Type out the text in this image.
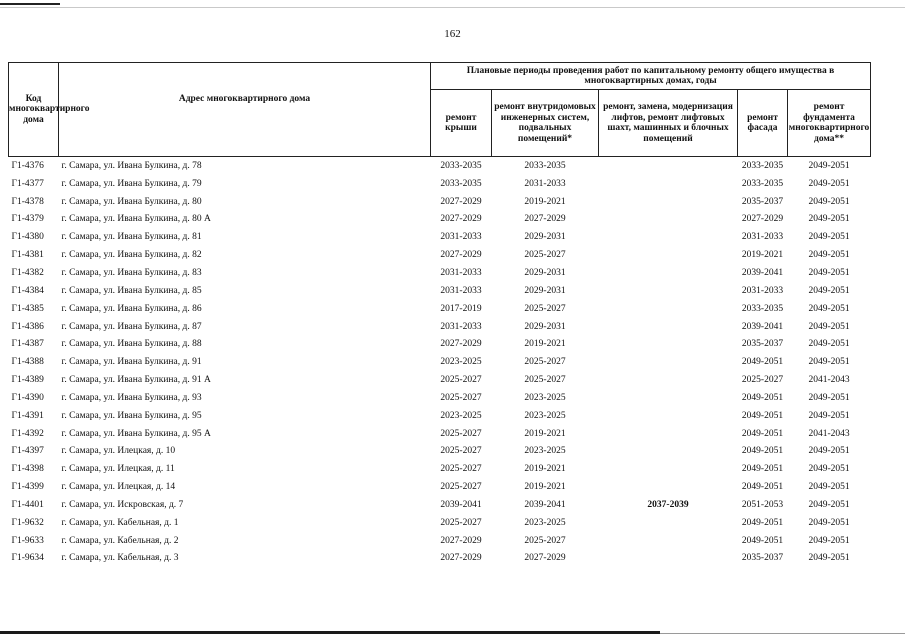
162
Код многоквартирного дома	Адрес многоквартирного дома	Плановые периоды проведения работ по капитальному ремонту общего имущества в многоквартирных домах, годы				
		ремонт крыши	ремонт внутридомовых инженерных систем, подвальных помещений*	ремонт, замена, модернизация лифтов, ремонт лифтовых шахт, машинных и блочных помещений	ремонт фасада	ремонт фундамента многоквартирного дома**
Г1-4376	г. Самара, ул. Ивана Булкина, д. 78	2033-2035	2033-2035		2033-2035	2049-2051
Г1-4377	г. Самара, ул. Ивана Булкина, д. 79	2033-2035	2031-2033		2033-2035	2049-2051
Г1-4378	г. Самара, ул. Ивана Булкина, д. 80	2027-2029	2019-2021		2035-2037	2049-2051
Г1-4379	г. Самара, ул. Ивана Булкина, д. 80 А	2027-2029	2027-2029		2027-2029	2049-2051
Г1-4380	г. Самара, ул. Ивана Булкина, д. 81	2031-2033	2029-2031		2031-2033	2049-2051
Г1-4381	г. Самара, ул. Ивана Булкина, д. 82	2027-2029	2025-2027		2019-2021	2049-2051
Г1-4382	г. Самара, ул. Ивана Булкина, д. 83	2031-2033	2029-2031		2039-2041	2049-2051
Г1-4384	г. Самара, ул. Ивана Булкина, д. 85	2031-2033	2029-2031		2031-2033	2049-2051
Г1-4385	г. Самара, ул. Ивана Булкина, д. 86	2017-2019	2025-2027		2033-2035	2049-2051
Г1-4386	г. Самара, ул. Ивана Булкина, д. 87	2031-2033	2029-2031		2039-2041	2049-2051
Г1-4387	г. Самара, ул. Ивана Булкина, д. 88	2027-2029	2019-2021		2035-2037	2049-2051
Г1-4388	г. Самара, ул. Ивана Булкина, д. 91	2023-2025	2025-2027		2049-2051	2049-2051
Г1-4389	г. Самара, ул. Ивана Булкина, д. 91 А	2025-2027	2025-2027		2025-2027	2041-2043
Г1-4390	г. Самара, ул. Ивана Булкина, д. 93	2025-2027	2023-2025		2049-2051	2049-2051
Г1-4391	г. Самара, ул. Ивана Булкина, д. 95	2023-2025	2023-2025		2049-2051	2049-2051
Г1-4392	г. Самара, ул. Ивана Булкина, д. 95 А	2025-2027	2019-2021		2049-2051	2041-2043
Г1-4397	г. Самара, ул. Илецкая, д. 10	2025-2027	2023-2025		2049-2051	2049-2051
Г1-4398	г. Самара, ул. Илецкая, д. 11	2025-2027	2019-2021		2049-2051	2049-2051
Г1-4399	г. Самара, ул. Илецкая, д. 14	2025-2027	2019-2021		2049-2051	2049-2051
Г1-4401	г. Самара, ул. Искровская, д. 7	2039-2041	2039-2041	2037-2039	2051-2053	2049-2051
Г1-9632	г. Самара, ул. Кабельная, д. 1	2025-2027	2023-2025		2049-2051	2049-2051
Г1-9633	г. Самара, ул. Кабельная, д. 2	2027-2029	2025-2027		2049-2051	2049-2051
Г1-9634	г. Самара, ул. Кабельная, д. 3	2027-2029	2027-2029		2035-2037	2049-2051
